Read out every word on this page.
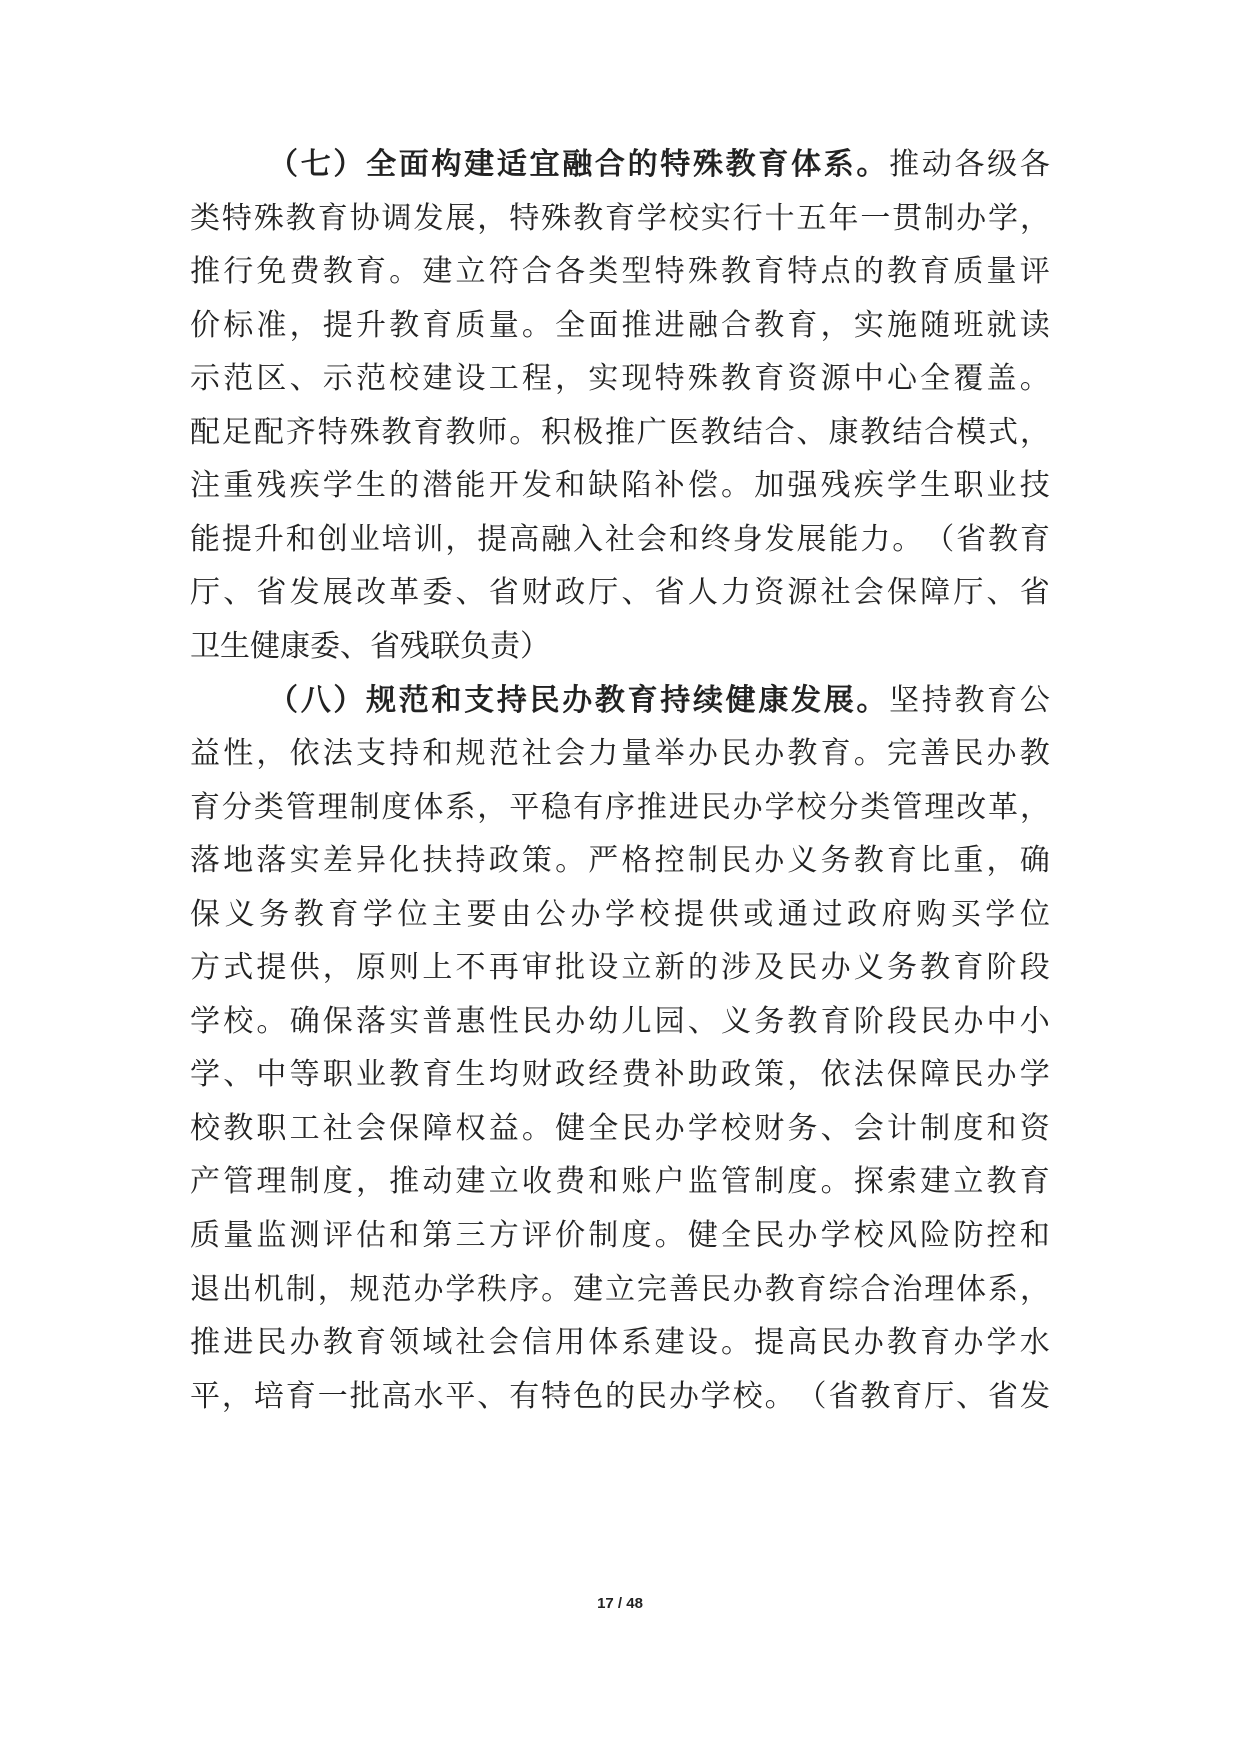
（ 七 ） 全 面 构 建 适 宜 融 合 的 特 殊 教 育 体 系 。 推 动 各 级 各
类 特 殊 教 育 协 调 发 展 ， 特 殊 教 育 学 校 实 行 十 五 年 一 贯 制 办 学 ，
推 行 免 费 教 育 。 建 立 符 合 各 类 型 特 殊 教 育 特 点 的 教 育 质 量 评
价 标 准 ， 提 升 教 育 质 量 。 全 面 推 进 融 合 教 育 ， 实 施 随 班 就 读
示 范 区 、 示 范 校 建 设 工 程 ， 实 现 特 殊 教 育 资 源 中 心 全 覆 盖 。
配 足 配 齐 特 殊 教 育 教 师 。 积 极 推 广 医 教 结 合 、 康 教 结 合 模 式 ，
注 重 残 疾 学 生 的 潜 能 开 发 和 缺 陷 补 偿 。 加 强 残 疾 学 生 职 业 技
能 提 升 和 创 业 培 训 ， 提 高 融 入 社 会 和 终 身 发 展 能 力 。 （ 省 教 育
厅 、 省 发 展 改 革 委 、 省 财 政 厅 、 省 人 力 资 源 社 会 保 障 厅 、 省
卫 生 健 康 委 、 省 残 联 负 责 ）
（ 八 ） 规 范 和 支 持 民 办 教 育 持 续 健 康 发 展 。 坚 持 教 育 公
益 性 ， 依 法 支 持 和 规 范 社 会 力 量 举 办 民 办 教 育 。 完 善 民 办 教
育 分 类 管 理 制 度 体 系 ， 平 稳 有 序 推 进 民 办 学 校 分 类 管 理 改 革 ，
落 地 落 实 差 异 化 扶 持 政 策 。 严 格 控 制 民 办 义 务 教 育 比 重 ， 确
保 义 务 教 育 学 位 主 要 由 公 办 学 校 提 供 或 通 过 政 府 购 买 学 位
方 式 提 供 ， 原 则 上 不 再 审 批 设 立 新 的 涉 及 民 办 义 务 教 育 阶 段
学 校 。 确 保 落 实 普 惠 性 民 办 幼 儿 园 、 义 务 教 育 阶 段 民 办 中 小
学 、 中 等 职 业 教 育 生 均 财 政 经 费 补 助 政 策 ， 依 法 保 障 民 办 学
校 教 职 工 社 会 保 障 权 益 。 健 全 民 办 学 校 财 务 、 会 计 制 度 和 资
产 管 理 制 度 ， 推 动 建 立 收 费 和 账 户 监 管 制 度 。 探 索 建 立 教 育
质 量 监 测 评 估 和 第 三 方 评 价 制 度 。 健 全 民 办 学 校 风 险 防 控 和
退 出 机 制 ， 规 范 办 学 秩 序 。 建 立 完 善 民 办 教 育 综 合 治 理 体 系 ，
推 进 民 办 教 育 领 域 社 会 信 用 体 系 建 设 。 提 高 民 办 教 育 办 学 水
平 ， 培 育 一 批 高 水 平 、 有 特 色 的 民 办 学 校 。 （ 省 教 育 厅 、 省 发
17 / 48
